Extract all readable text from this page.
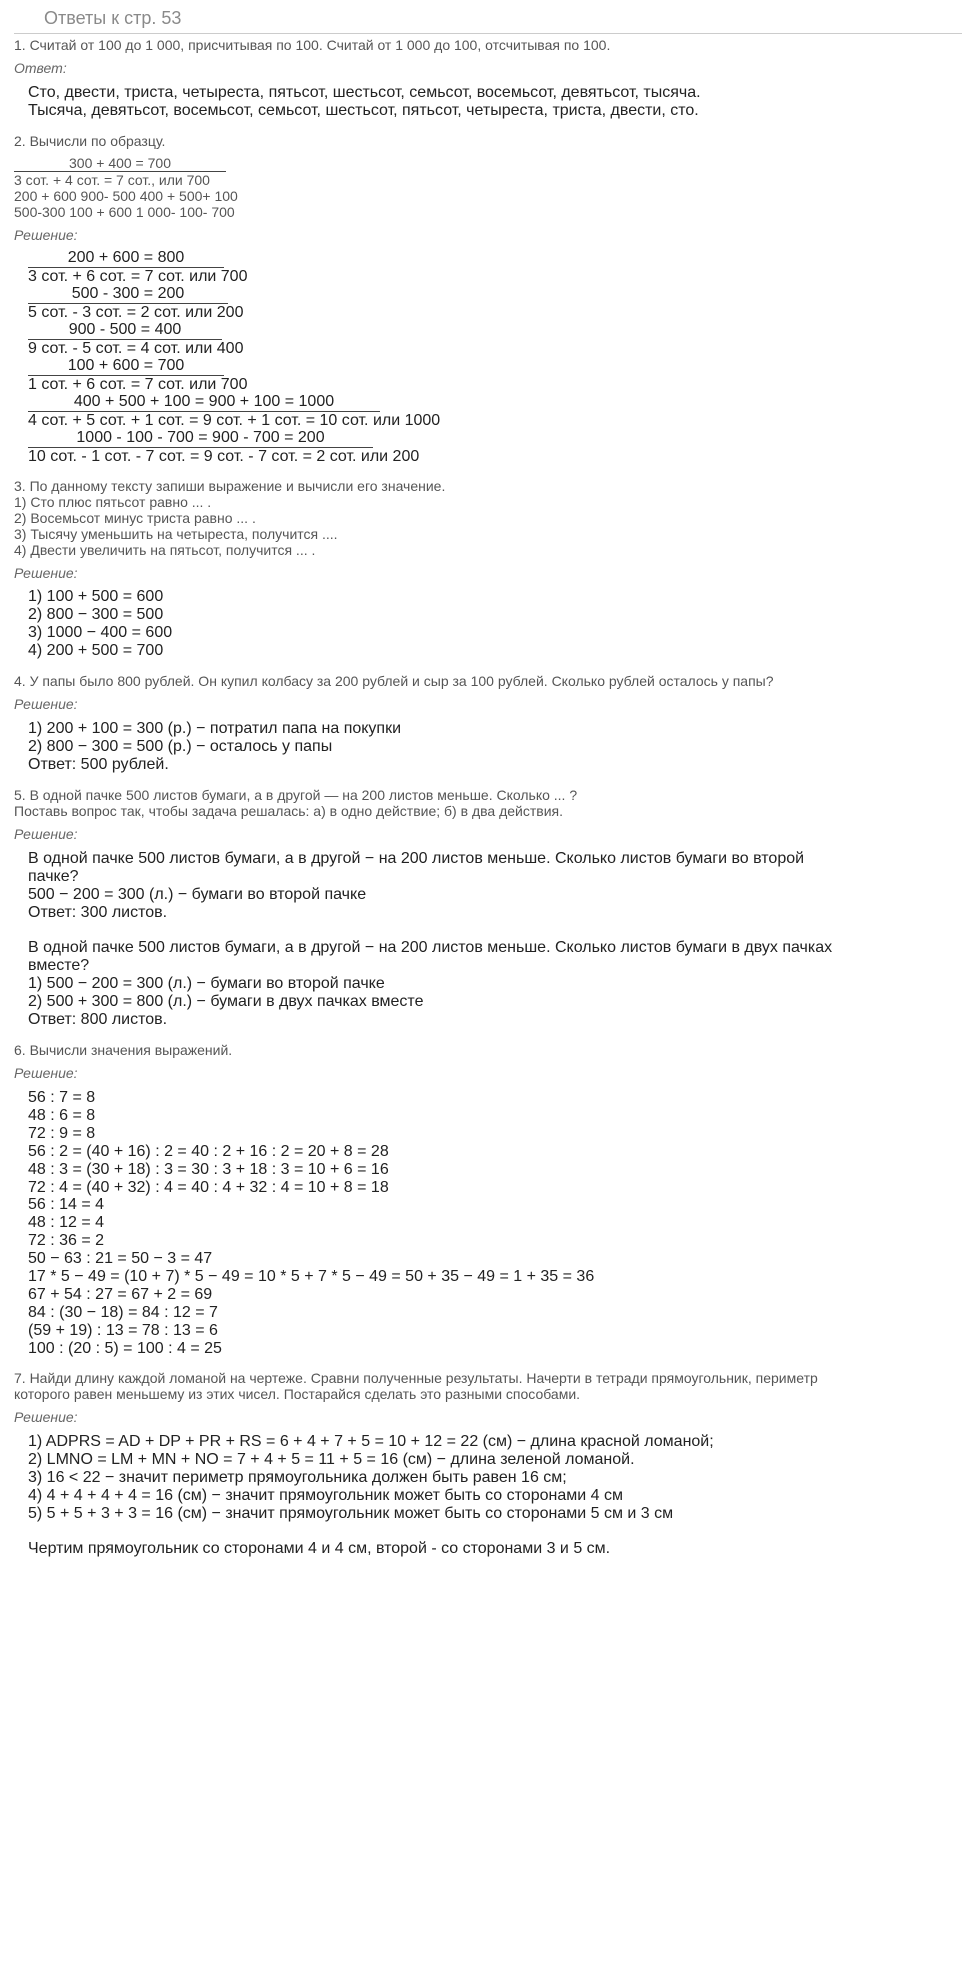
Ответы к стр. 53
1. Считай от 100 до 1 000, присчитывая по 100. Считай от 1 000 до 100, отсчитывая по 100.
Ответ:
Сто, двести, триста, четыреста, пятьсот, шестьсот, семьсот, восемьсот, девятьсот, тысяча.
Тысяча, девятьсот, восемьсот, семьсот, шестьсот, пятьсот, четыреста, триста, двести, сто.
2. Вычисли по образцу.
300 + 400 = 700
3 сот. + 4 сот. = 7 сот., или 700
200 + 600 900- 500 400 + 500+ 100
500-300 100 + 600 1 000- 100- 700
Решение:
200 + 600 = 800
3 сот. + 6 сот. = 7 сот. или 700
500 - 300 = 200
5 сот. - 3 сот. = 2 сот. или 200
900 - 500 = 400
9 сот. - 5 сот. = 4 сот. или 400
100 + 600 = 700
1 сот. + 6 сот. = 7 сот. или 700
400 + 500 + 100 = 900 + 100 = 1000
4 сот. + 5 сот. + 1 сот. = 9 сот. + 1 сот. = 10 сот. или 1000
1000 - 100 - 700 = 900 - 700 = 200
10 сот. - 1 сот. - 7 сот. = 9 сот. - 7 сот. = 2 сот. или 200
3. По данному тексту запиши выражение и вычисли его значение.
1) Сто плюс пятьсот равно ... .
2) Восемьсот минус триста равно ... .
3) Тысячу уменьшить на четыреста, получится ....
4) Двести увеличить на пятьсот, получится ... .
Решение:
1) 100 + 500 = 600
2) 800 − 300 = 500
3) 1000 − 400 = 600
4) 200 + 500 = 700
4. У папы было 800 рублей. Он купил колбасу за 200 рублей и сыр за 100 рублей. Сколько рублей осталось у папы?
Решение:
1) 200 + 100 = 300 (р.) − потратил папа на покупки
2) 800 − 300 = 500 (р.) − осталось у папы
Ответ: 500 рублей.
5. В одной пачке 500 листов бумаги, а в другой — на 200 листов меньше. Сколько ... ?
Поставь вопрос так, чтобы задача решалась: а) в одно действие; б) в два действия.
Решение:
В одной пачке 500 листов бумаги, а в другой − на 200 листов меньше. Сколько листов бумаги во второй
пачке?
500 − 200 = 300 (л.) − бумаги во второй пачке
Ответ: 300 листов.
В одной пачке 500 листов бумаги, а в другой − на 200 листов меньше. Сколько листов бумаги в двух пачках
вместе?
1) 500 − 200 = 300 (л.) − бумаги во второй пачке
2) 500 + 300 = 800 (л.) − бумаги в двух пачках вместе
Ответ: 800 листов.
6. Вычисли значения выражений.
Решение:
56 : 7 = 8
48 : 6 = 8
72 : 9 = 8
56 : 2 = (40 + 16) : 2 = 40 : 2 + 16 : 2 = 20 + 8 = 28
48 : 3 = (30 + 18) : 3 = 30 : 3 + 18 : 3 = 10 + 6 = 16
72 : 4 = (40 + 32) : 4 = 40 : 4 + 32 : 4 = 10 + 8 = 18
56 : 14 = 4
48 : 12 = 4
72 : 36 = 2
50 − 63 : 21 = 50 − 3 = 47
17 * 5 − 49 = (10 + 7) * 5 − 49 = 10 * 5 + 7 * 5 − 49 = 50 + 35 − 49 = 1 + 35 = 36
67 + 54 : 27 = 67 + 2 = 69
84 : (30 − 18) = 84 : 12 = 7
(59 + 19) : 13 = 78 : 13 = 6
100 : (20 : 5) = 100 : 4 = 25
7. Найди длину каждой ломаной на чертеже. Сравни полученные результаты. Начерти в тетради прямоугольник, периметр
которого равен меньшему из этих чисел. Постарайся сделать это разными способами.
Решение:
1) ADPRS = AD + DP + PR + RS = 6 + 4 + 7 + 5 = 10 + 12 = 22 (см) − длина красной ломаной;
2) LMNO = LM + MN + NO = 7 + 4 + 5 = 11 + 5 = 16 (см) − длина зеленой ломаной.
3) 16 < 22 − значит периметр прямоугольника должен быть равен 16 см;
4) 4 + 4 + 4 + 4 = 16 (см) − значит прямоугольник может быть со сторонами 4 см
5) 5 + 5 + 3 + 3 = 16 (см) − значит прямоугольник может быть со сторонами 5 см и 3 см
Чертим прямоугольник со сторонами 4 и 4 см, второй - со сторонами 3 и 5 см.
